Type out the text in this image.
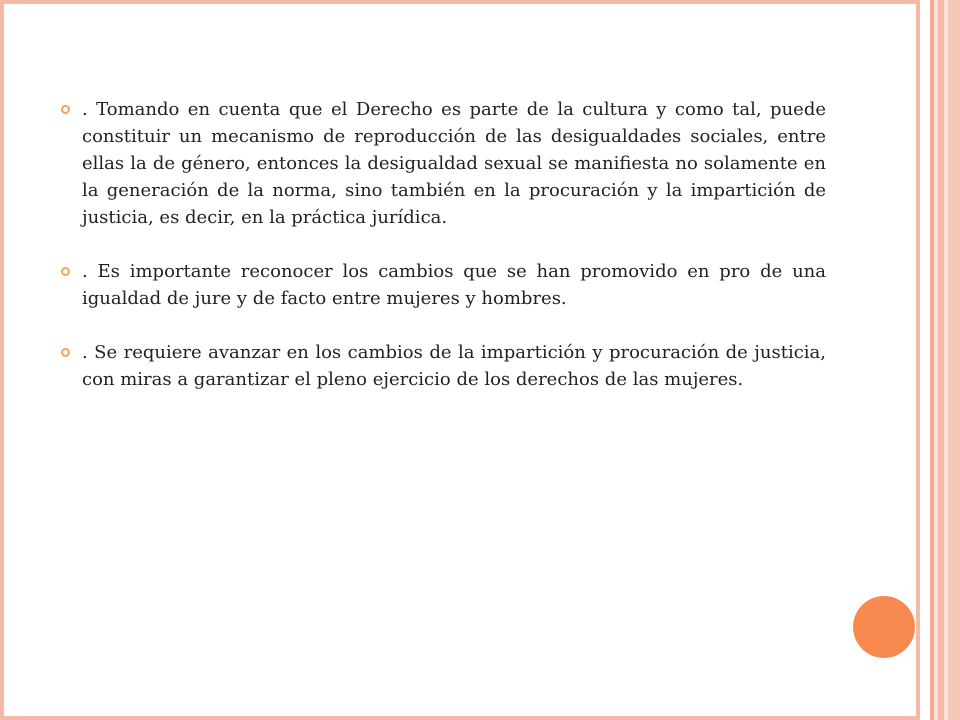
. Tomando en cuenta que el Derecho es parte de la cultura y como tal, puede constituir un mecanismo de reproducción de las desigualdades sociales, entre ellas la de género, entonces la desigualdad sexual se manifiesta no solamente en la generación de la norma, sino también en la procuración y la impartición de justicia, es decir, en la práctica jurídica.
. Es importante reconocer los cambios que se han promovido en pro de una igualdad de jure y de facto entre mujeres y hombres.
. Se requiere avanzar en los cambios de la impartición y procuración de justicia, con miras a garantizar el pleno ejercicio de los derechos de las mujeres.
